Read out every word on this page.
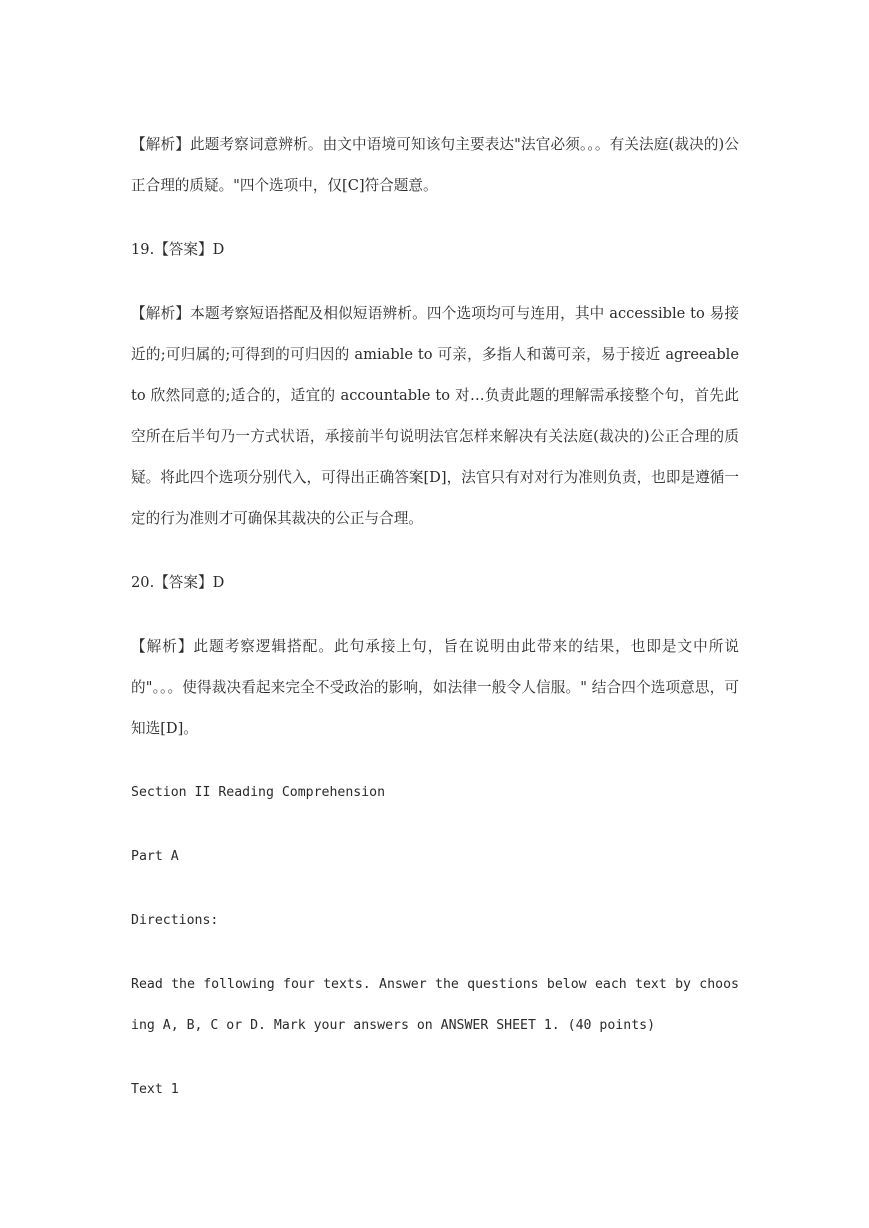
【解析】此题考察词意辨析。由文中语境可知该句主要表达"法官必须。。。有关法庭(裁决的)公正合理的质疑。"四个选项中，仅[C]符合题意。

19.【答案】D

【解析】本题考察短语搭配及相似短语辨析。四个选项均可与连用，其中 accessible to 易接近的;可归属的;可得到的可归因的 amiable to 可亲，多指人和蔼可亲，易于接近 agreeable to 欣然同意的;适合的，适宜的 accountable to 对…负责此题的理解需承接整个句，首先此空所在后半句乃一方式状语，承接前半句说明法官怎样来解决有关法庭(裁决的)公正合理的质疑。将此四个选项分别代入，可得出正确答案[D]，法官只有对对行为准则负责，也即是遵循一定的行为准则才可确保其裁决的公正与合理。

20.【答案】D

【解析】此题考察逻辑搭配。此句承接上句，旨在说明由此带来的结果，也即是文中所说的"。。。使得裁决看起来完全不受政治的影响，如法律一般令人信服。" 结合四个选项意思，可知选[D]。

Section II Reading Comprehension

Part A

Directions:

Read the following four texts. Answer the questions below each text by choosing A, B, C or D. Mark your answers on ANSWER SHEET 1. (40 points)

Text 1
